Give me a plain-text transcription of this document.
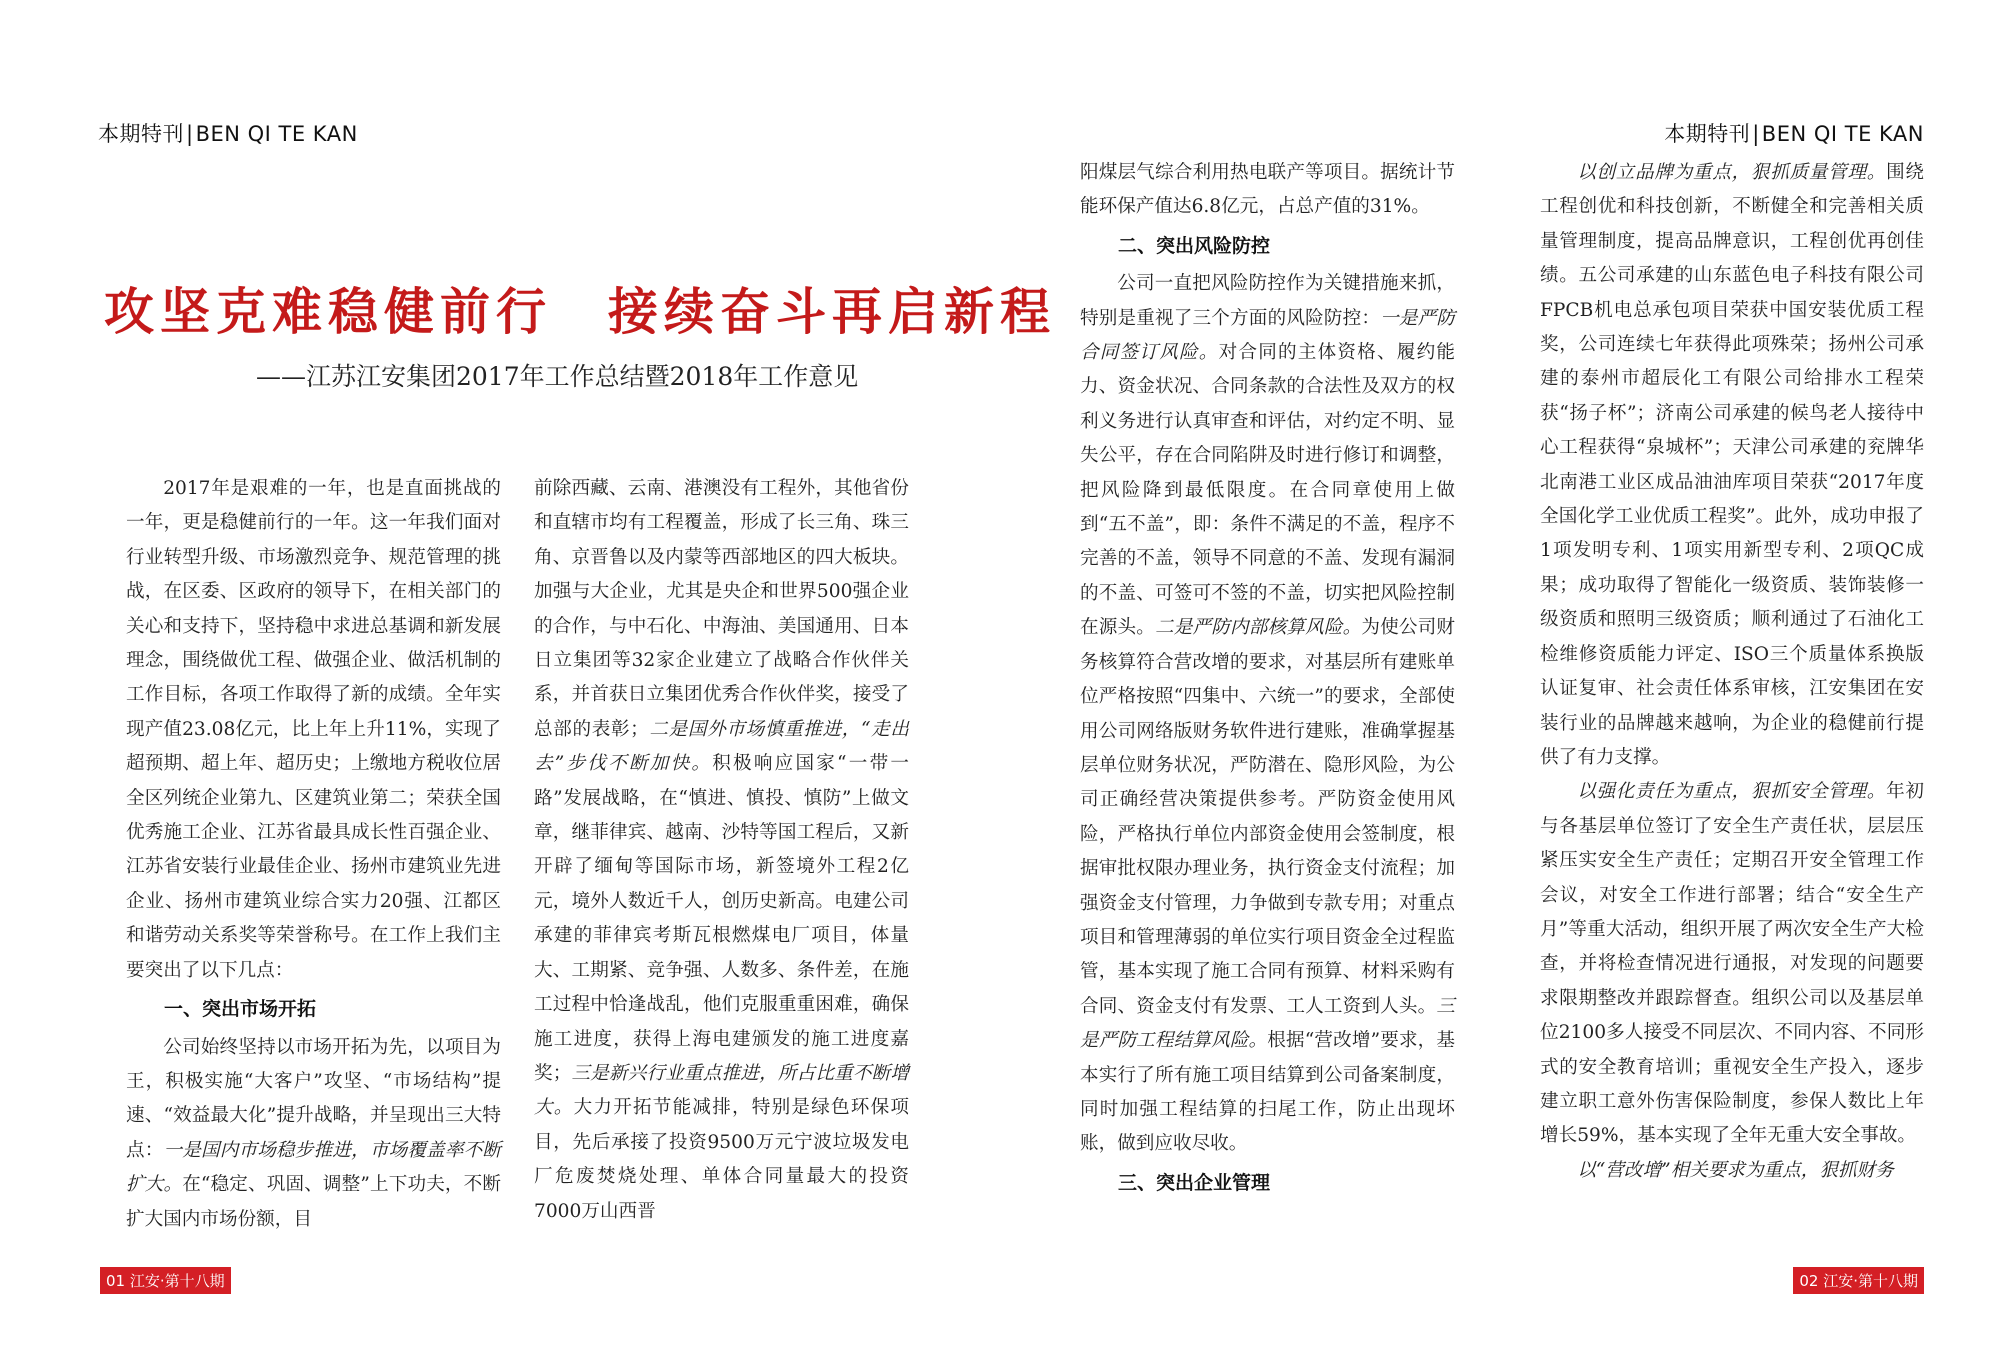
本期特刊|BEN QI TE KAN
攻坚克难稳健前行　接续奋斗再启新程
——江苏江安集团2017年工作总结暨2018年工作意见

2017年是艰难的一年，也是直面挑战的一年，更是稳健前行的一年。这一年我们面对行业转型升级、市场激烈竞争、规范管理的挑战，在区委、区政府的领导下，在相关部门的关心和支持下，坚持稳中求进总基调和新发展理念，围绕做优工程、做强企业、做活机制的工作目标，各项工作取得了新的成绩。全年实现产值23.08亿元，比上年上升11%，实现了超预期、超上年、超历史；上缴地方税收位居全区列统企业第九、区建筑业第二；荣获全国优秀施工企业、江苏省最具成长性百强企业、江苏省安装行业最佳企业、扬州市建筑业先进企业、扬州市建筑业综合实力20强、江都区和谐劳动关系奖等荣誉称号。在工作上我们主要突出了以下几点：

一、突出市场开拓

公司始终坚持以市场开拓为先，以项目为王，积极实施“大客户”攻坚、“市场结构”提速、“效益最大化”提升战略，并呈现出三大特点：一是国内市场稳步推进，市场覆盖率不断扩大。在“稳定、巩固、调整”上下功夫，不断扩大国内市场份额，目

前除西藏、云南、港澳没有工程外，其他省份和直辖市均有工程覆盖，形成了长三角、珠三角、京晋鲁以及内蒙等西部地区的四大板块。加强与大企业，尤其是央企和世界500强企业的合作，与中石化、中海油、美国通用、日本日立集团等32家企业建立了战略合作伙伴关系，并首获日立集团优秀合作伙伴奖，接受了总部的表彰；二是国外市场慎重推进，“走出去”步伐不断加快。积极响应国家“一带一路”发展战略，在“慎进、慎投、慎防”上做文章，继菲律宾、越南、沙特等国工程后，又新开辟了缅甸等国际市场，新签境外工程2亿元，境外人数近千人，创历史新高。电建公司承建的菲律宾考斯瓦根燃煤电厂项目，体量大、工期紧、竞争强、人数多、条件差，在施工过程中恰逢战乱，他们克服重重困难，确保施工进度，获得上海电建颁发的施工进度嘉奖；三是新兴行业重点推进，所占比重不断增大。大力开拓节能减排，特别是绿色环保项目，先后承接了投资9500万元宁波垃圾发电厂危废焚烧处理、单体合同量最大的投资7000万山西晋

01 江安·第十八期
本期特刊|BEN QI TE KAN

阳煤层气综合利用热电联产等项目。据统计节能环保产值达6.8亿元，占总产值的31%。

二、突出风险防控

公司一直把风险防控作为关键措施来抓，特别是重视了三个方面的风险防控：一是严防合同签订风险。对合同的主体资格、履约能力、资金状况、合同条款的合法性及双方的权利义务进行认真审查和评估，对约定不明、显失公平，存在合同陷阱及时进行修订和调整，把风险降到最低限度。在合同章使用上做到“五不盖”，即：条件不满足的不盖，程序不完善的不盖，领导不同意的不盖、发现有漏洞的不盖、可签可不签的不盖，切实把风险控制在源头。二是严防内部核算风险。为使公司财务核算符合营改增的要求，对基层所有建账单位严格按照“四集中、六统一”的要求，全部使用公司网络版财务软件进行建账，准确掌握基层单位财务状况，严防潜在、隐形风险，为公司正确经营决策提供参考。严防资金使用风险，严格执行单位内部资金使用会签制度，根据审批权限办理业务，执行资金支付流程；加强资金支付管理，力争做到专款专用；对重点项目和管理薄弱的单位实行项目资金全过程监管，基本实现了施工合同有预算、材料采购有合同、资金支付有发票、工人工资到人头。三是严防工程结算风险。根据“营改增”要求，基本实行了所有施工项目结算到公司备案制度，同时加强工程结算的扫尾工作，防止出现坏账，做到应收尽收。

三、突出企业管理

以创立品牌为重点，狠抓质量管理。围绕工程创优和科技创新，不断健全和完善相关质量管理制度，提高品牌意识，工程创优再创佳绩。五公司承建的山东蓝色电子科技有限公司FPCB机电总承包项目荣获中国安装优质工程奖，公司连续七年获得此项殊荣；扬州公司承建的泰州市超辰化工有限公司给排水工程荣获“扬子杯”；济南公司承建的候鸟老人接待中心工程获得“泉城杯”；天津公司承建的兖牌华北南港工业区成品油油库项目荣获“2017年度全国化学工业优质工程奖”。此外，成功申报了1项发明专利、1项实用新型专利、2项QC成果；成功取得了智能化一级资质、装饰装修一级资质和照明三级资质；顺利通过了石油化工检维修资质能力评定、ISO三个质量体系换版认证复审、社会责任体系审核，江安集团在安装行业的品牌越来越响，为企业的稳健前行提供了有力支撑。

以强化责任为重点，狠抓安全管理。年初与各基层单位签订了安全生产责任状，层层压紧压实安全生产责任；定期召开安全管理工作会议，对安全工作进行部署；结合“安全生产月”等重大活动，组织开展了两次安全生产大检查，并将检查情况进行通报，对发现的问题要求限期整改并跟踪督查。组织公司以及基层单位2100多人接受不同层次、不同内容、不同形式的安全教育培训；重视安全生产投入，逐步建立职工意外伤害保险制度，参保人数比上年增长59%，基本实现了全年无重大安全事故。

以“营改增”相关要求为重点，狠抓财务

02 江安·第十八期
